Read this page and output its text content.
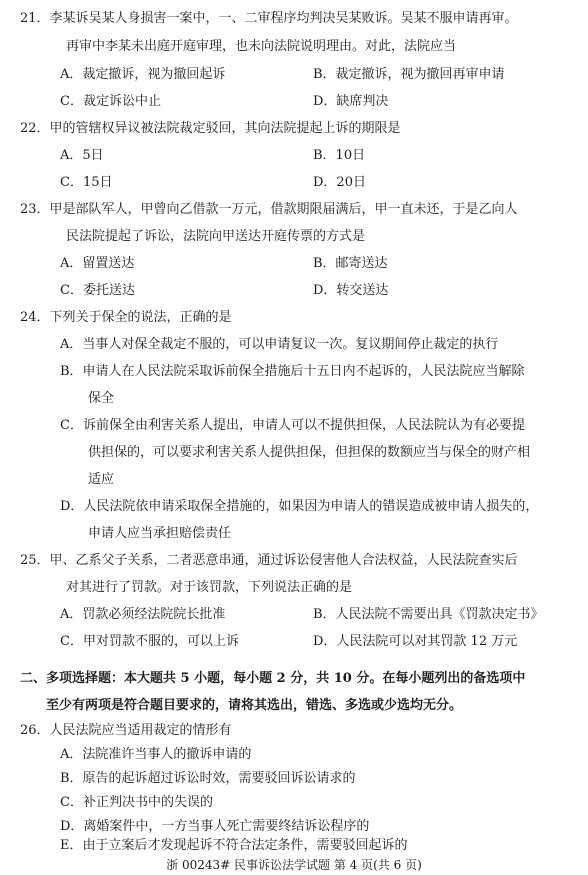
21．李某诉吴某人身损害一案中，一、二审程序均判决吴某败诉。吴某不服申请再审。
再审中李某未出庭开庭审理，也未向法院说明理由。对此，法院应当
A．裁定撤诉，视为撤回起诉	B．裁定撤诉，视为撤回再审申请
C．裁定诉讼中止	D．缺席判决
22．甲的管辖权异议被法院裁定驳回，其向法院提起上诉的期限是
A．5日	B．10日
C．15日	D．20日
23．甲是部队军人，甲曾向乙借款一万元，借款期限届满后，甲一直未还，于是乙向人
民法院提起了诉讼，法院向甲送达开庭传票的方式是
A．留置送达	B．邮寄送达
C．委托送达	D．转交送达
24．下列关于保全的说法，正确的是
A．当事人对保全裁定不服的，可以申请复议一次。复议期间停止裁定的执行
B．申请人在人民法院采取诉前保全措施后十五日内不起诉的，人民法院应当解除
保全
C．诉前保全由利害关系人提出，申请人可以不提供担保，人民法院认为有必要提
供担保的，可以要求利害关系人提供担保，但担保的数额应当与保全的财产相
适应
D．人民法院依申请采取保全措施的，如果因为申请人的错误造成被申请人损失的，
申请人应当承担赔偿责任
25．甲、乙系父子关系，二者恶意串通，通过诉讼侵害他人合法权益，人民法院查实后
对其进行了罚款。对于该罚款，下列说法正确的是
A．罚款必须经法院院长批准	B．人民法院不需要出具《罚款决定书》
C．甲对罚款不服的，可以上诉	D．人民法院可以对其罚款 12 万元
二、多项选择题：本大题共 5 小题，每小题 2 分，共 10 分。在每小题列出的备选项中
至少有两项是符合题目要求的，请将其选出，错选、多选或少选均无分。
26．人民法院应当适用裁定的情形有
A．法院准许当事人的撤诉申请的
B．原告的起诉超过诉讼时效，需要驳回诉讼请求的
C．补正判决书中的失误的
D．离婚案件中，一方当事人死亡需要终结诉讼程序的
E．由于立案后才发现起诉不符合法定条件，需要驳回起诉的
浙 00243# 民事诉讼法学试题 第 4 页(共 6 页)
